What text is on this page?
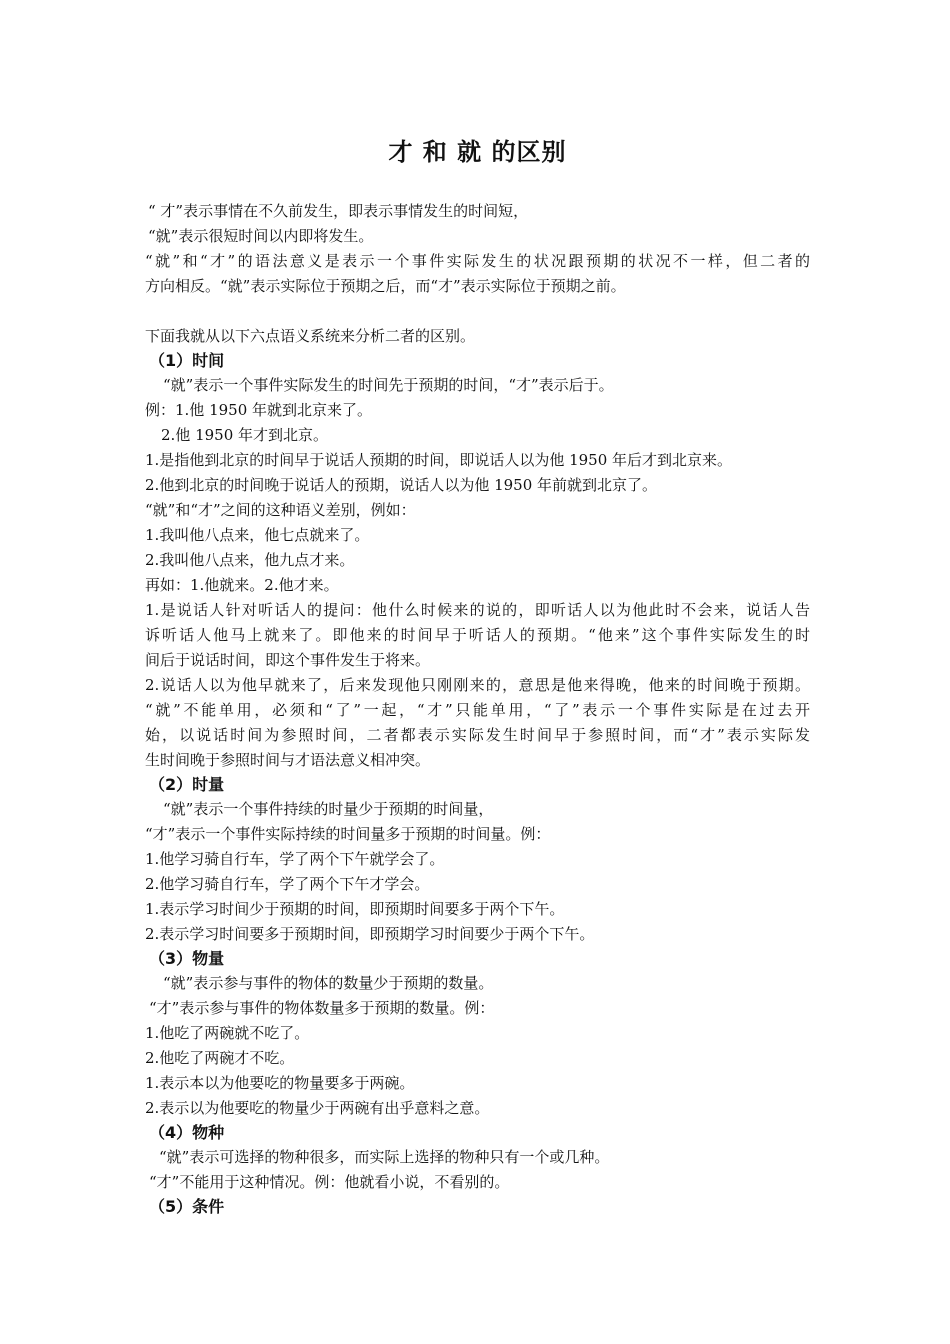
才 和 就 的区别
“ 才”表示事情在不久前发生，即表示事情发生的时间短，
“就”表示很短时间以内即将发生。
“就”和“才”的语法意义是表示一个事件实际发生的状况跟预期的状况不一样，但二者的
方向相反。“就”表示实际位于预期之后，而“才”表示实际位于预期之前。
下面我就从以下六点语义系统来分析二者的区别。
（1）时间
“就”表示一个事件实际发生的时间先于预期的时间，“才”表示后于。
例：1.他 1950 年就到北京来了。
2.他 1950 年才到北京。
1.是指他到北京的时间早于说话人预期的时间，即说话人以为他 1950 年后才到北京来。
2.他到北京的时间晚于说话人的预期，说话人以为他 1950 年前就到北京了。
“就”和“才”之间的这种语义差别，例如：
1.我叫他八点来，他七点就来了。
2.我叫他八点来，他九点才来。
再如：1.他就来。2.他才来。
1.是说话人针对听话人的提问：他什么时候来的说的，即听话人以为他此时不会来，说话人告
诉听话人他马上就来了。即他来的时间早于听话人的预期。“他来”这个事件实际发生的时
间后于说话时间，即这个事件发生于将来。
2.说话人以为他早就来了，后来发现他只刚刚来的，意思是他来得晚，他来的时间晚于预期。
“就”不能单用，必须和“了”一起，“才”只能单用，“了”表示一个事件实际是在过去开
始，以说话时间为参照时间，二者都表示实际发生时间早于参照时间，而“才”表示实际发
生时间晚于参照时间与才语法意义相冲突。
（2）时量
“就”表示一个事件持续的时量少于预期的时间量，
“才”表示一个事件实际持续的时间量多于预期的时间量。例：
1.他学习骑自行车，学了两个下午就学会了。
2.他学习骑自行车，学了两个下午才学会。
1.表示学习时间少于预期的时间，即预期时间要多于两个下午。
2.表示学习时间要多于预期时间，即预期学习时间要少于两个下午。
（3）物量
“就”表示参与事件的物体的数量少于预期的数量。
“才”表示参与事件的物体数量多于预期的数量。例：
1.他吃了两碗就不吃了。
2.他吃了两碗才不吃。
1.表示本以为他要吃的物量要多于两碗。
2.表示以为他要吃的物量少于两碗有出乎意料之意。
（4）物种
“就”表示可选择的物种很多，而实际上选择的物种只有一个或几种。
“才”不能用于这种情况。例：他就看小说，不看别的。
（5）条件
